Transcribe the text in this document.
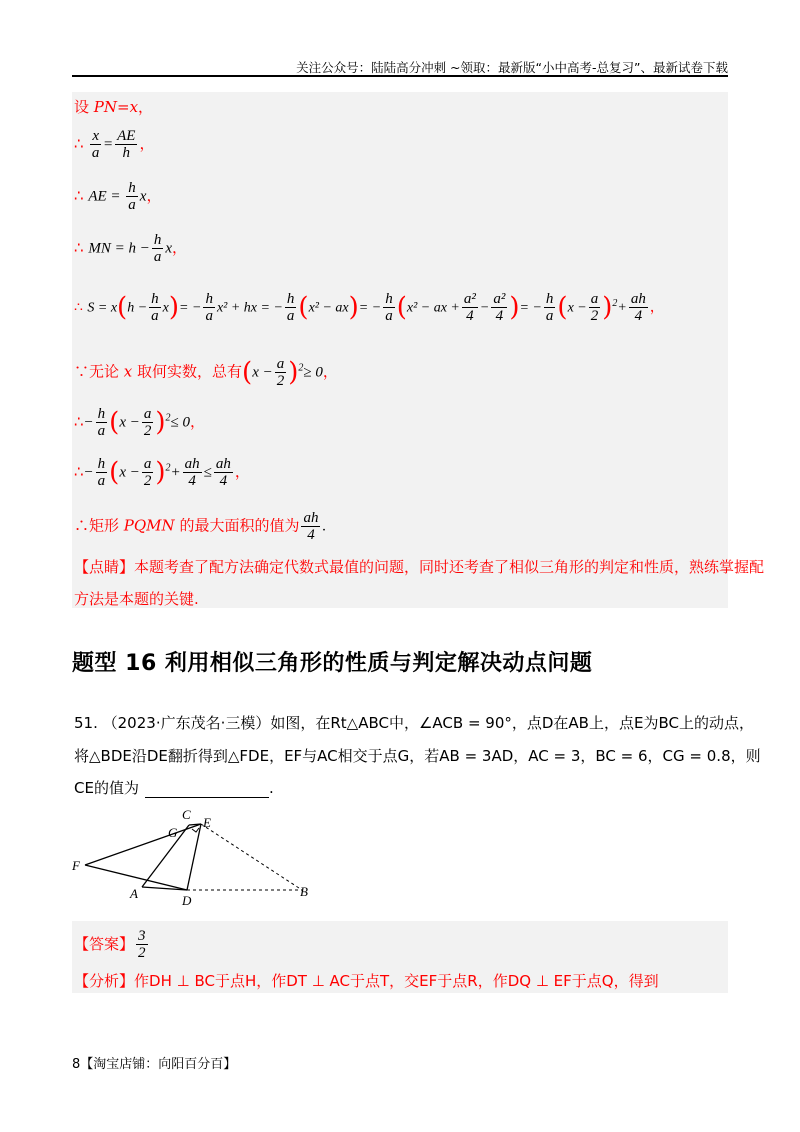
关注公众号：陆陆高分冲刺 ~领取：最新版“小中高考-总复习”、最新试卷下载
设 PN=x，
∴ $\frac{x}{a} = \frac{AE}{h}$ ，
∴ AE = $\frac{h}{a}$ x，
∴ MN = $h - \frac{h}{a}$ x，
∴ $S = x(h - \frac{h}{a} x)= - \frac{h}{a} x^2$ + hx = − $\frac{h}{a} (x^2 - ax)= - \frac{h}{a} (x^2$ − ax + $\frac{\text{a²}}{4} - \frac{\text{a²}}{4}$ )= − $\frac{h}{a} (x - \frac{a}{2} )^2+ \frac{ah}{4}$ ，
∵无论 x 取何实数，总有$(x - \frac{a}{2} )^2\ge 0$，
∴− $\frac{h}{a} (x - \frac{a}{2} )^2\le 0$，
∴− $\frac{h}{a} (x - \frac{a}{2} )^2+ \frac{ah}{4} \le \frac{ah}{4}$ ，
∴矩形 PQMN 的最大面积的值为 $\frac{ah}{4}$ .
【点睛】本题考查了配方法确定代数式最值的问题，同时还考查了相似三角形的判定和性质，熟练掌握配
方法是本题的关键.
题型 16 利用相似三角形的性质与判定解决动点问题
51. （2023·广东茂名·三模）如图，在Rt△ABC中，∠ACB = 90°，点D在AB上，点E为BC上的动点，
将△BDE沿DE翻折得到△FDE，EF与AC相交于点G，若AB = 3AD，AC = 3，BC = 6，CG = 0.8，则
CE的值为	.
C
G
E
F
A	D
B
【答案】 $\frac{3}{2}$
【分析】作DH ⊥ BC于点H，作DT ⊥ AC于点T，交EF于点R，作DQ ⊥ EF于点Q，得到
8【淘宝店铺：向阳百分百】
